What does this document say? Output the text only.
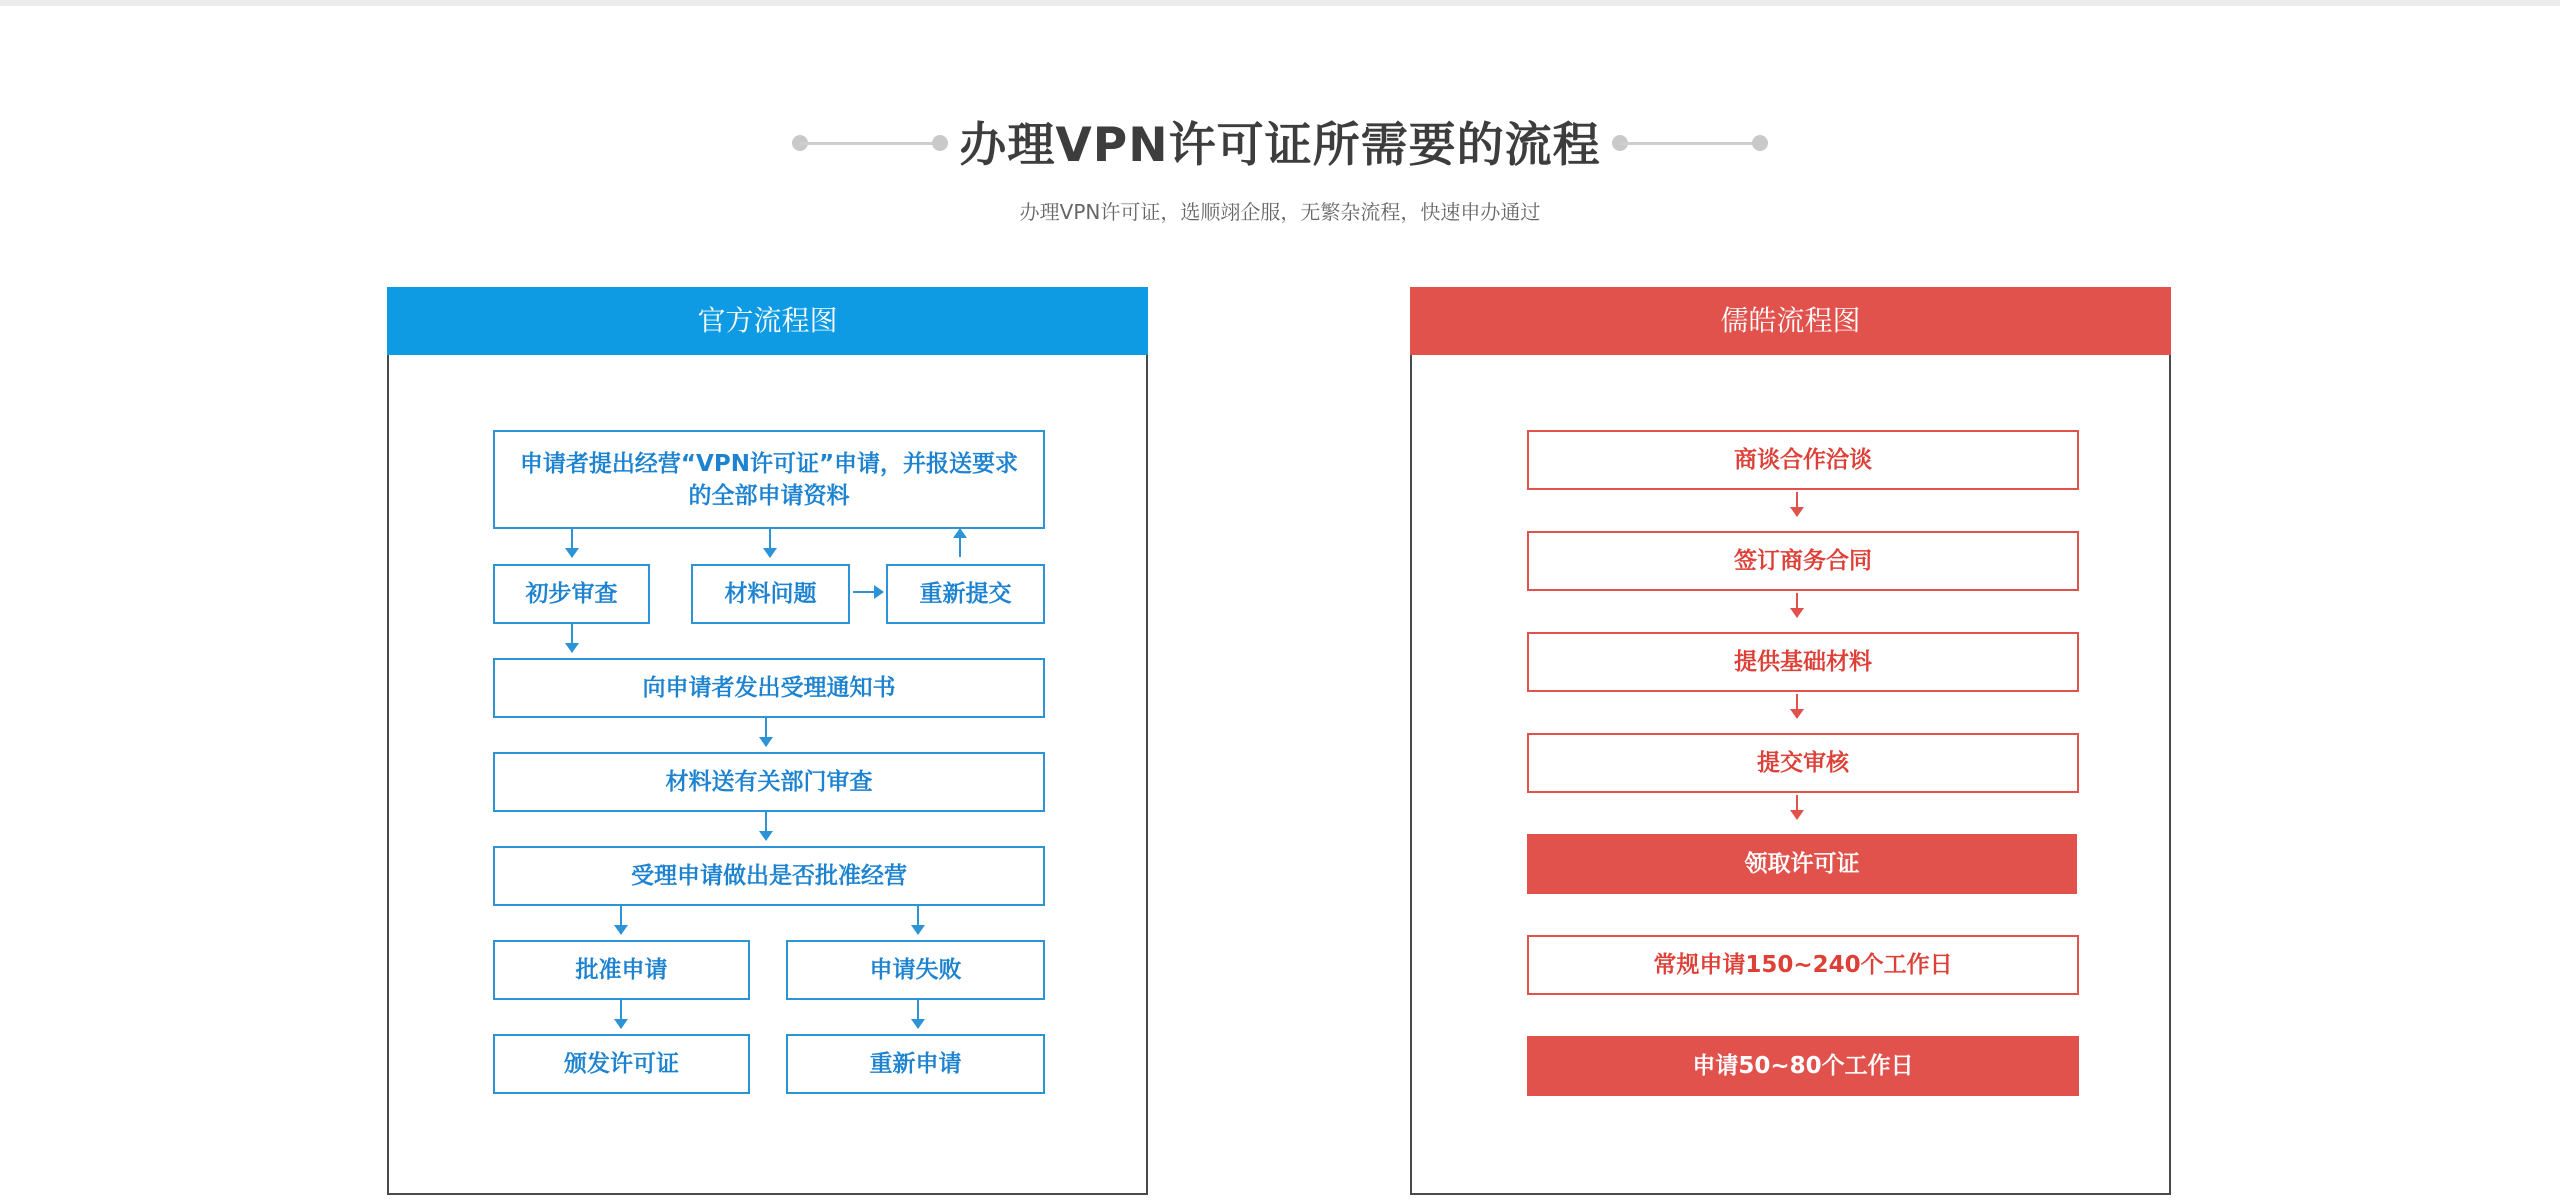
办理VPN许可证所需要的流程

办理VPN许可证，选顺翊企服，无繁杂流程，快速申办通过

官方流程图
申请者提出经营“VPN许可证”申请，并报送要求的全部申请资料
初步审查	材料问题	重新提交
向申请者发出受理通知书
材料送有关部门审查
受理申请做出是否批准经营
批准申请	申请失败
颁发许可证	重新申请
儒皓流程图
商谈合作洽谈
签订商务合同
提供基础材料
提交审核
领取许可证
常规申请150~240个工作日
申请50~80个工作日
